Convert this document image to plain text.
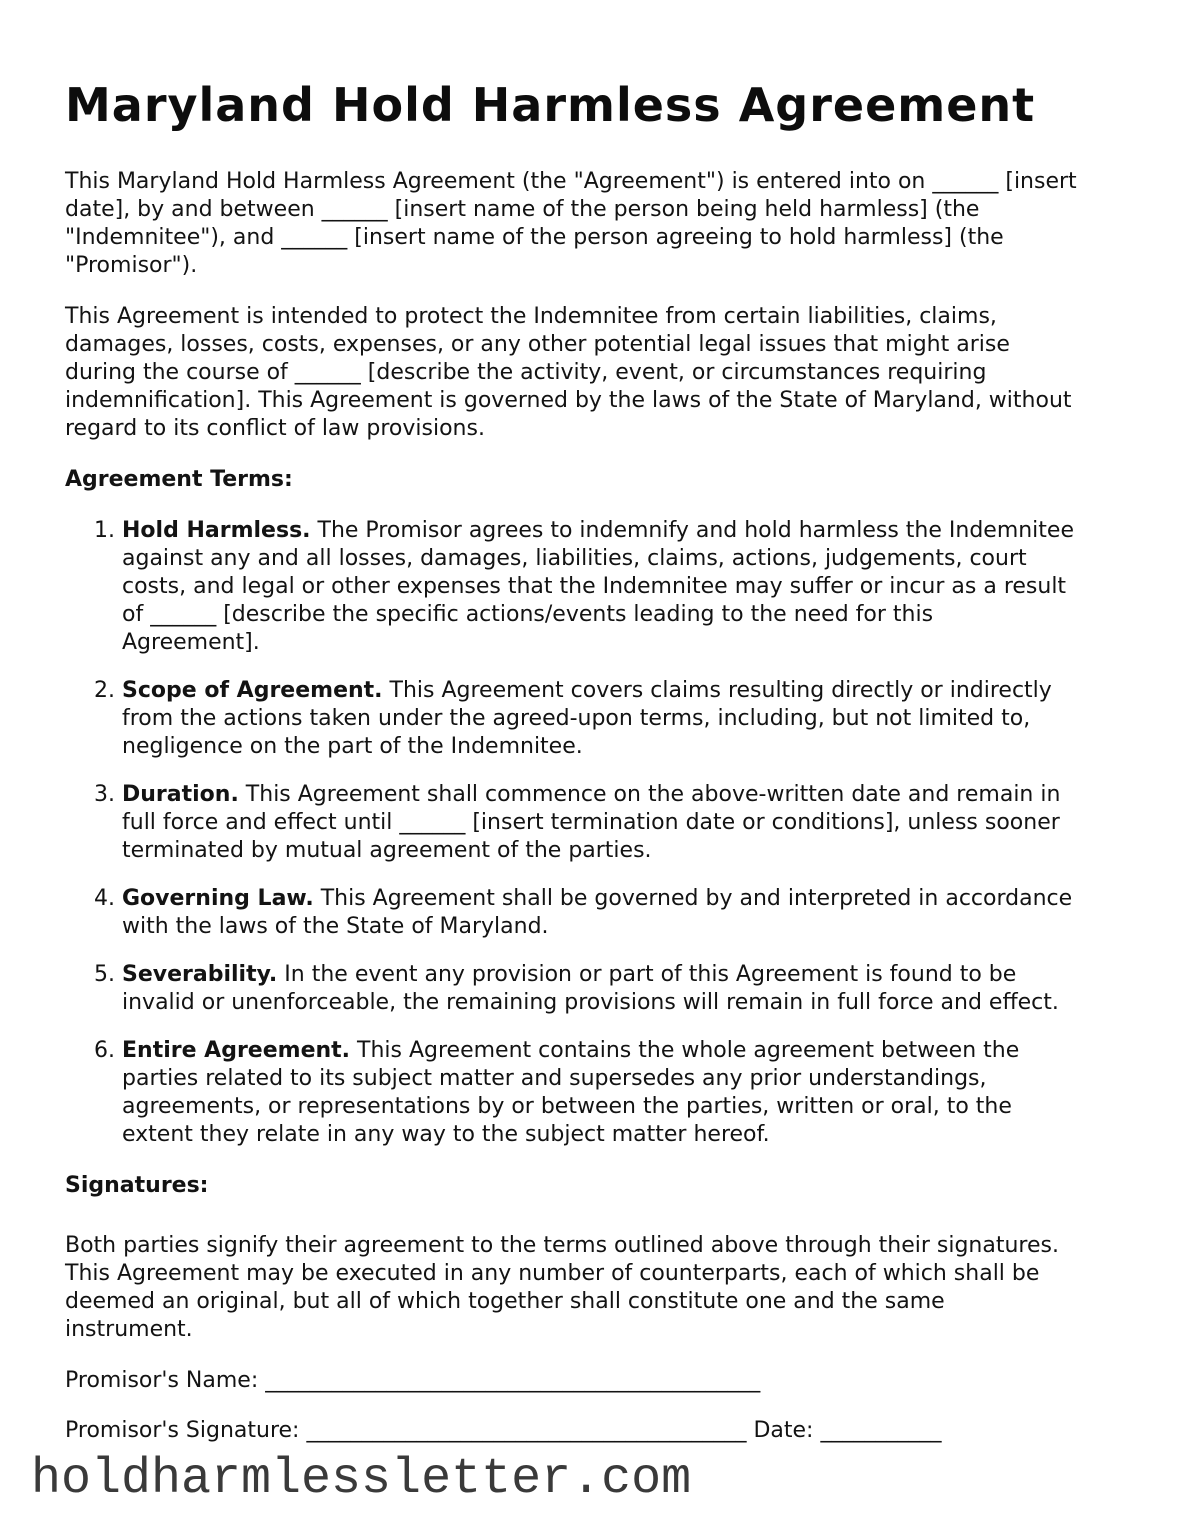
Maryland Hold Harmless Agreement

This Maryland Hold Harmless Agreement (the "Agreement") is entered into on ______ [insert date], by and between ______ [insert name of the person being held harmless] (the "Indemnitee"), and ______ [insert name of the person agreeing to hold harmless] (the "Promisor").

This Agreement is intended to protect the Indemnitee from certain liabilities, claims, damages, losses, costs, expenses, or any other potential legal issues that might arise during the course of ______ [describe the activity, event, or circumstances requiring indemnification]. This Agreement is governed by the laws of the State of Maryland, without regard to its conflict of law provisions.

Agreement Terms:
1. Hold Harmless. The Promisor agrees to indemnify and hold harmless the Indemnitee against any and all losses, damages, liabilities, claims, actions, judgements, court costs, and legal or other expenses that the Indemnitee may suffer or incur as a result of ______ [describe the specific actions/events leading to the need for this Agreement].
2. Scope of Agreement. This Agreement covers claims resulting directly or indirectly from the actions taken under the agreed-upon terms, including, but not limited to, negligence on the part of the Indemnitee.
3. Duration. This Agreement shall commence on the above-written date and remain in full force and effect until ______ [insert termination date or conditions], unless sooner terminated by mutual agreement of the parties.
4. Governing Law. This Agreement shall be governed by and interpreted in accordance with the laws of the State of Maryland.
5. Severability. In the event any provision or part of this Agreement is found to be invalid or unenforceable, the remaining provisions will remain in full force and effect.
6. Entire Agreement. This Agreement contains the whole agreement between the parties related to its subject matter and supersedes any prior understandings, agreements, or representations by or between the parties, written or oral, to the extent they relate in any way to the subject matter hereof.
Signatures:

Both parties signify their agreement to the terms outlined above through their signatures. This Agreement may be executed in any number of counterparts, each of which shall be deemed an original, but all of which together shall constitute one and the same instrument.

Promisor's Name: _____________________________________________
Promisor's Signature: ________________________________________ Date: ___________
holdharmlessletter.com
